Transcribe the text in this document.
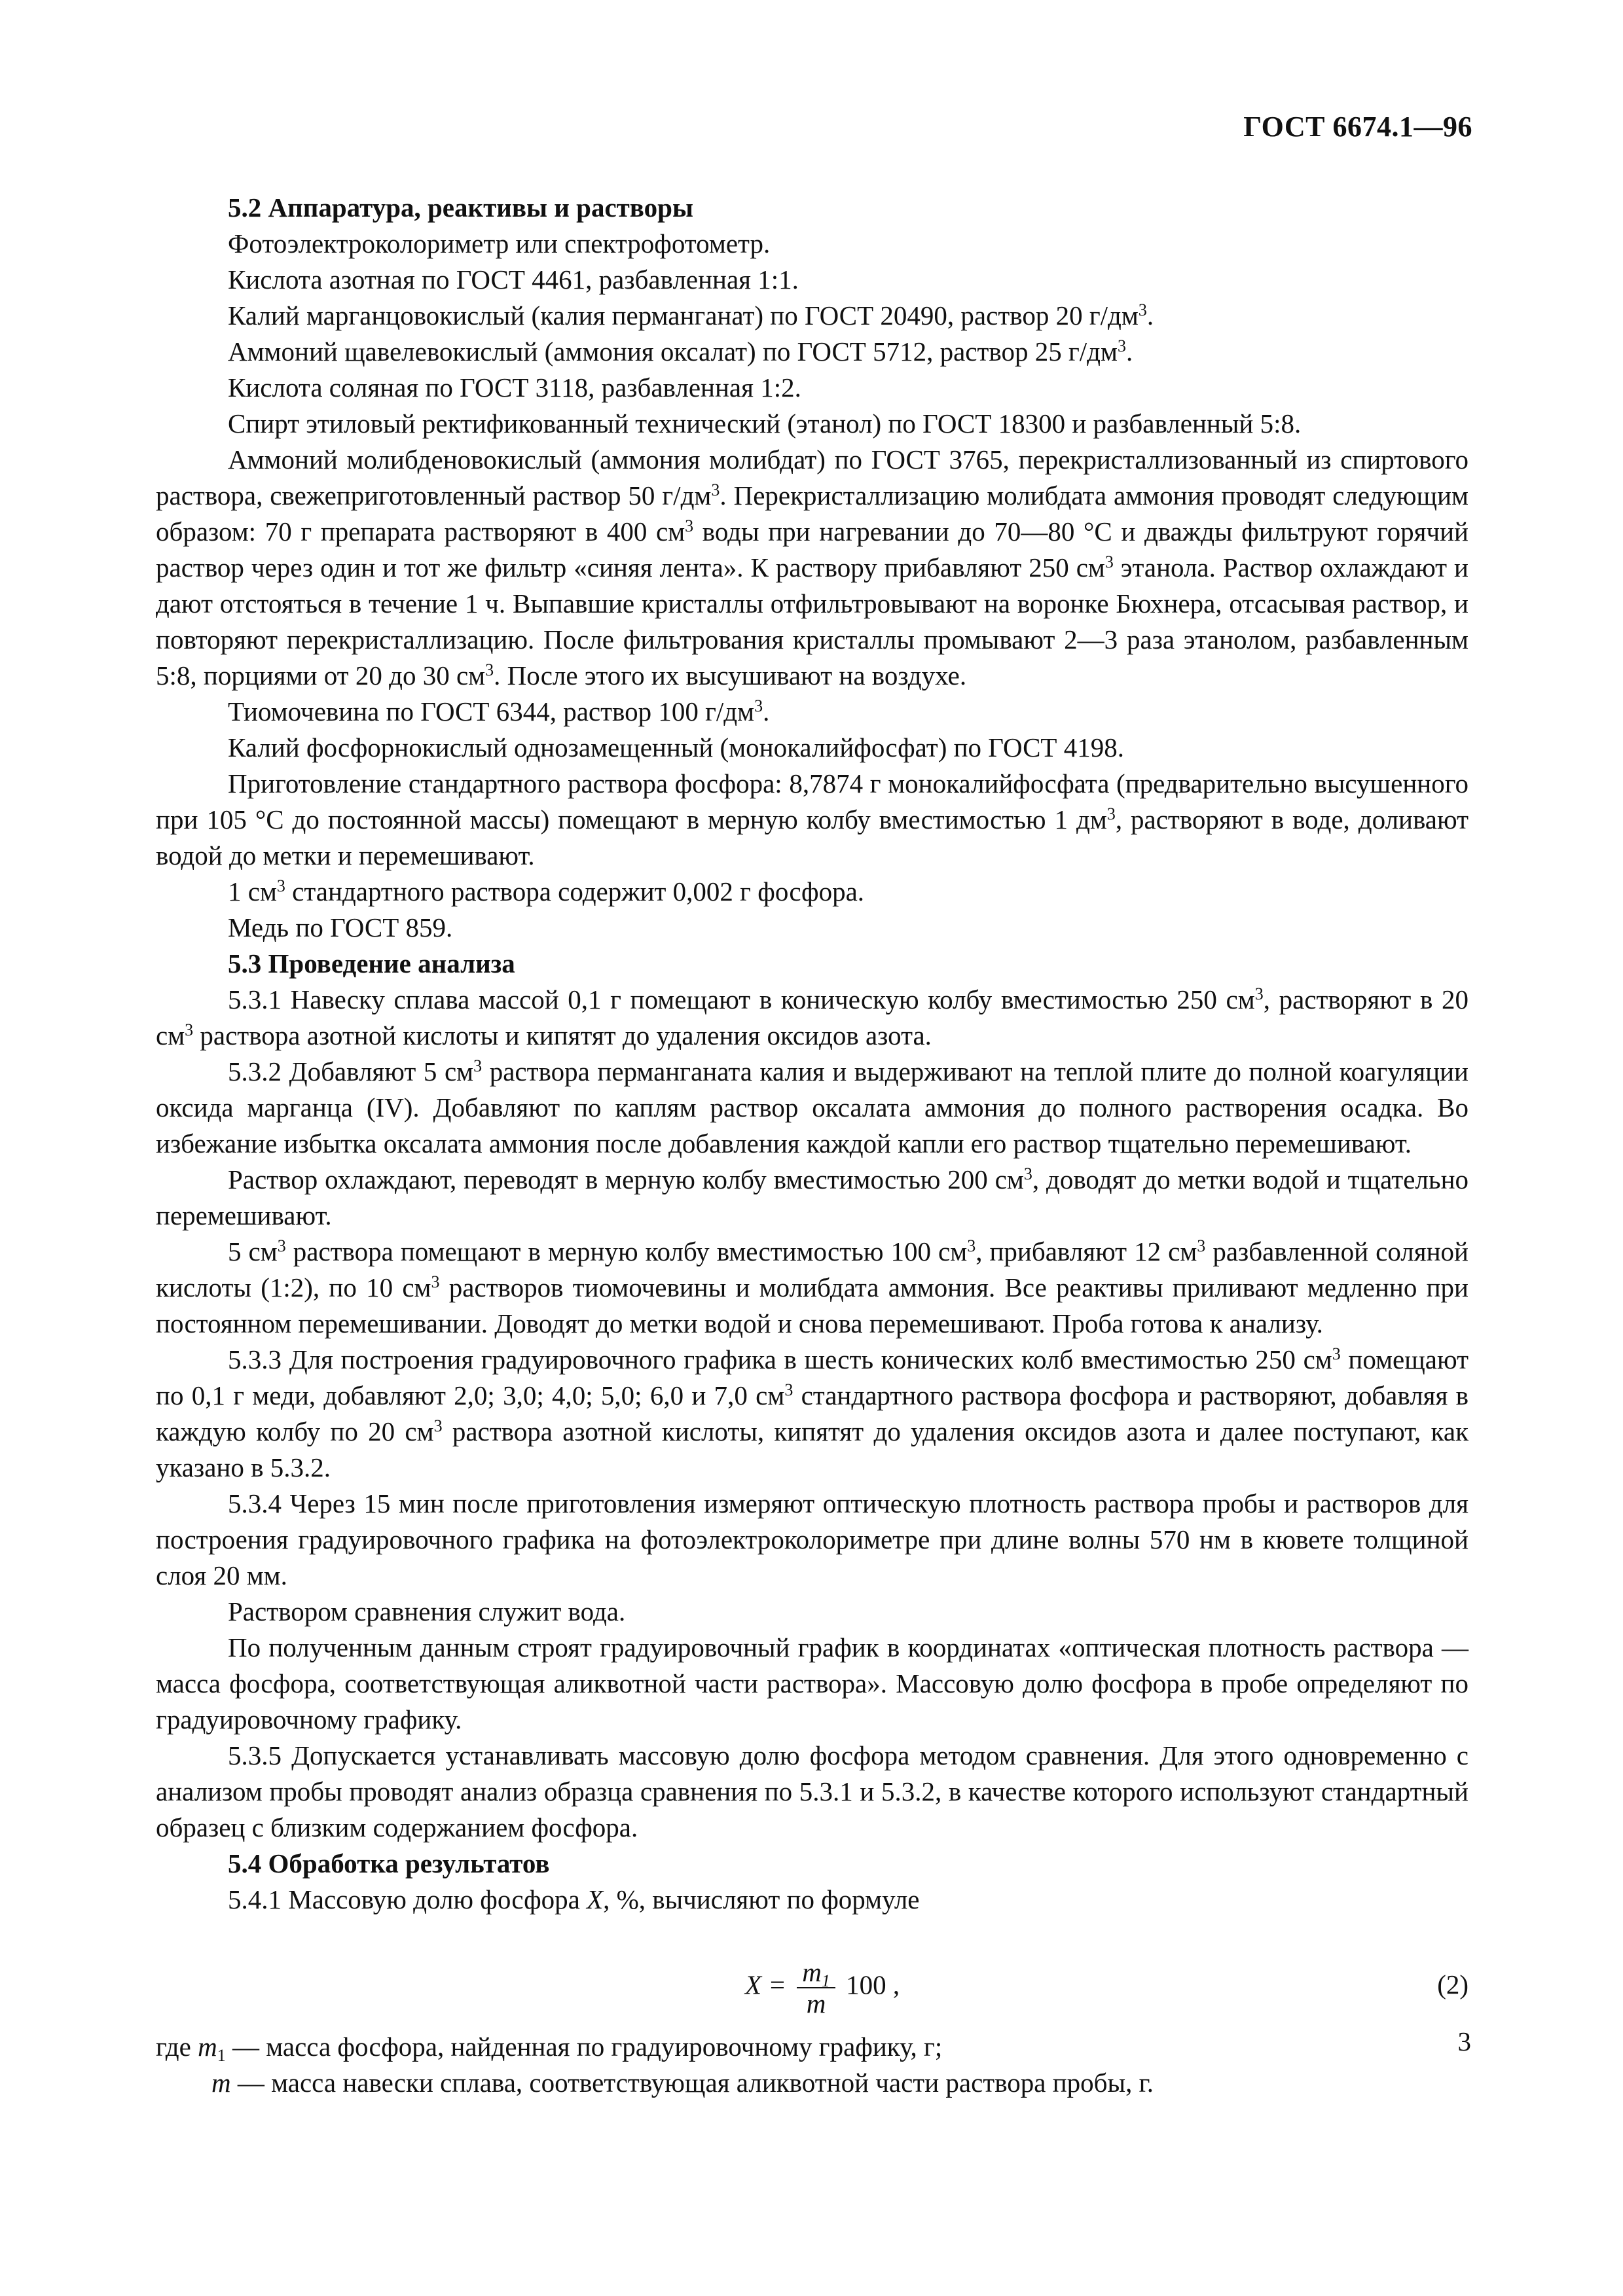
ГОСТ 6674.1—96

5.2 Аппаратура, реактивы и растворы

Фотоэлектроколориметр или спектрофотометр.

Кислота азотная по ГОСТ 4461, разбавленная 1:1.

Калий марганцовокислый (калия перманганат) по ГОСТ 20490, раствор 20 $г/дм^3$.

Аммоний щавелевокислый (аммония оксалат) по ГОСТ 5712, раствор 25 $г/дм^3$.

Кислота соляная по ГОСТ 3118, разбавленная 1:2.

Спирт этиловый ректификованный технический (этанол) по ГОСТ 18300 и разбавленный 5:8.

Аммоний молибденовокислый (аммония молибдат) по ГОСТ 3765, перекристаллизованный из спиртового раствора, свежеприготовленный раствор 50 $г/дм^3$. Перекристаллизацию молибдата аммония проводят следующим образом: 70 г препарата растворяют в 400 $см^3$ воды при нагревании до 70—80 °С и дважды фильтруют горячий раствор через один и тот же фильтр «синяя лента». К раствору прибавляют 250 $см^3$ этанола. Раствор охлаждают и дают отстояться в течение 1 ч. Выпавшие кристаллы отфильтровывают на воронке Бюхнера, отсасывая раствор, и повторяют перекристаллизацию. После фильтрования кристаллы промывают 2—3 раза этанолом, разбавленным 5:8, порциями от 20 до 30 $см^3$. После этого их высушивают на воздухе.

Тиомочевина по ГОСТ 6344, раствор 100 $г/дм^3$.

Калий фосфорнокислый однозамещенный (монокалийфосфат) по ГОСТ 4198.

Приготовление стандартного раствора фосфора: 8,7874 г монокалийфосфата (предварительно высушенного при 105 °С до постоянной массы) помещают в мерную колбу вместимостью 1 $дм^3$, растворяют в воде, доливают водой до метки и перемешивают.

1 $см^3$ стандартного раствора содержит 0,002 г фосфора.

Медь по ГОСТ 859.

5.3 Проведение анализа

5.3.1 Навеску сплава массой 0,1 г помещают в коническую колбу вместимостью 250 $см^3$, растворяют в 20 $см^3$ раствора азотной кислоты и кипятят до удаления оксидов азота.

5.3.2 Добавляют 5 $см^3$ раствора перманганата калия и выдерживают на теплой плите до полной коагуляции оксида марганца (IV). Добавляют по каплям раствор оксалата аммония до полного растворения осадка. Во избежание избытка оксалата аммония после добавления каждой капли его раствор тщательно перемешивают.

Раствор охлаждают, переводят в мерную колбу вместимостью 200 $см^3$, доводят до метки водой и тщательно перемешивают.

5 $см^3$ раствора помещают в мерную колбу вместимостью 100 $см^3$, прибавляют 12 $см^3$ разбавленной соляной кислоты (1:2), по 10 $см^3$ растворов тиомочевины и молибдата аммония. Все реактивы приливают медленно при постоянном перемешивании. Доводят до метки водой и снова перемешивают. Проба готова к анализу.

5.3.3 Для построения градуировочного графика в шесть конических колб вместимостью 250 $см^3$ помещают по 0,1 г меди, добавляют 2,0; 3,0; 4,0; 5,0; 6,0 и 7,0 $см^3$ стандартного раствора фосфора и растворяют, добавляя в каждую колбу по 20 $см^3$ раствора азотной кислоты, кипятят до удаления оксидов азота и далее поступают, как указано в 5.3.2.

5.3.4 Через 15 мин после приготовления измеряют оптическую плотность раствора пробы и растворов для построения градуировочного графика на фотоэлектроколориметре при длине волны 570 нм в кювете толщиной слоя 20 мм.

Раствором сравнения служит вода.

По полученным данным строят градуировочный график в координатах «оптическая плотность раствора — масса фосфора, соответствующая аликвотной части раствора». Массовую долю фосфора в пробе определяют по градуировочному графику.

5.3.5 Допускается устанавливать массовую долю фосфора методом сравнения. Для этого одновременно с анализом пробы проводят анализ образца сравнения по 5.3.1 и 5.3.2, в качестве которого используют стандартный образец с близким содержанием фосфора.

5.4 Обработка результатов

5.4.1 Массовую долю фосфора X, %, вычисляют по формуле

$X = \frac{m_1}{m} 100$ ,	(2)

где $m_1$ — масса фосфора, найденная по градуировочному графику, г;

m — масса навески сплава, соответствующая аликвотной части раствора пробы, г.

3
